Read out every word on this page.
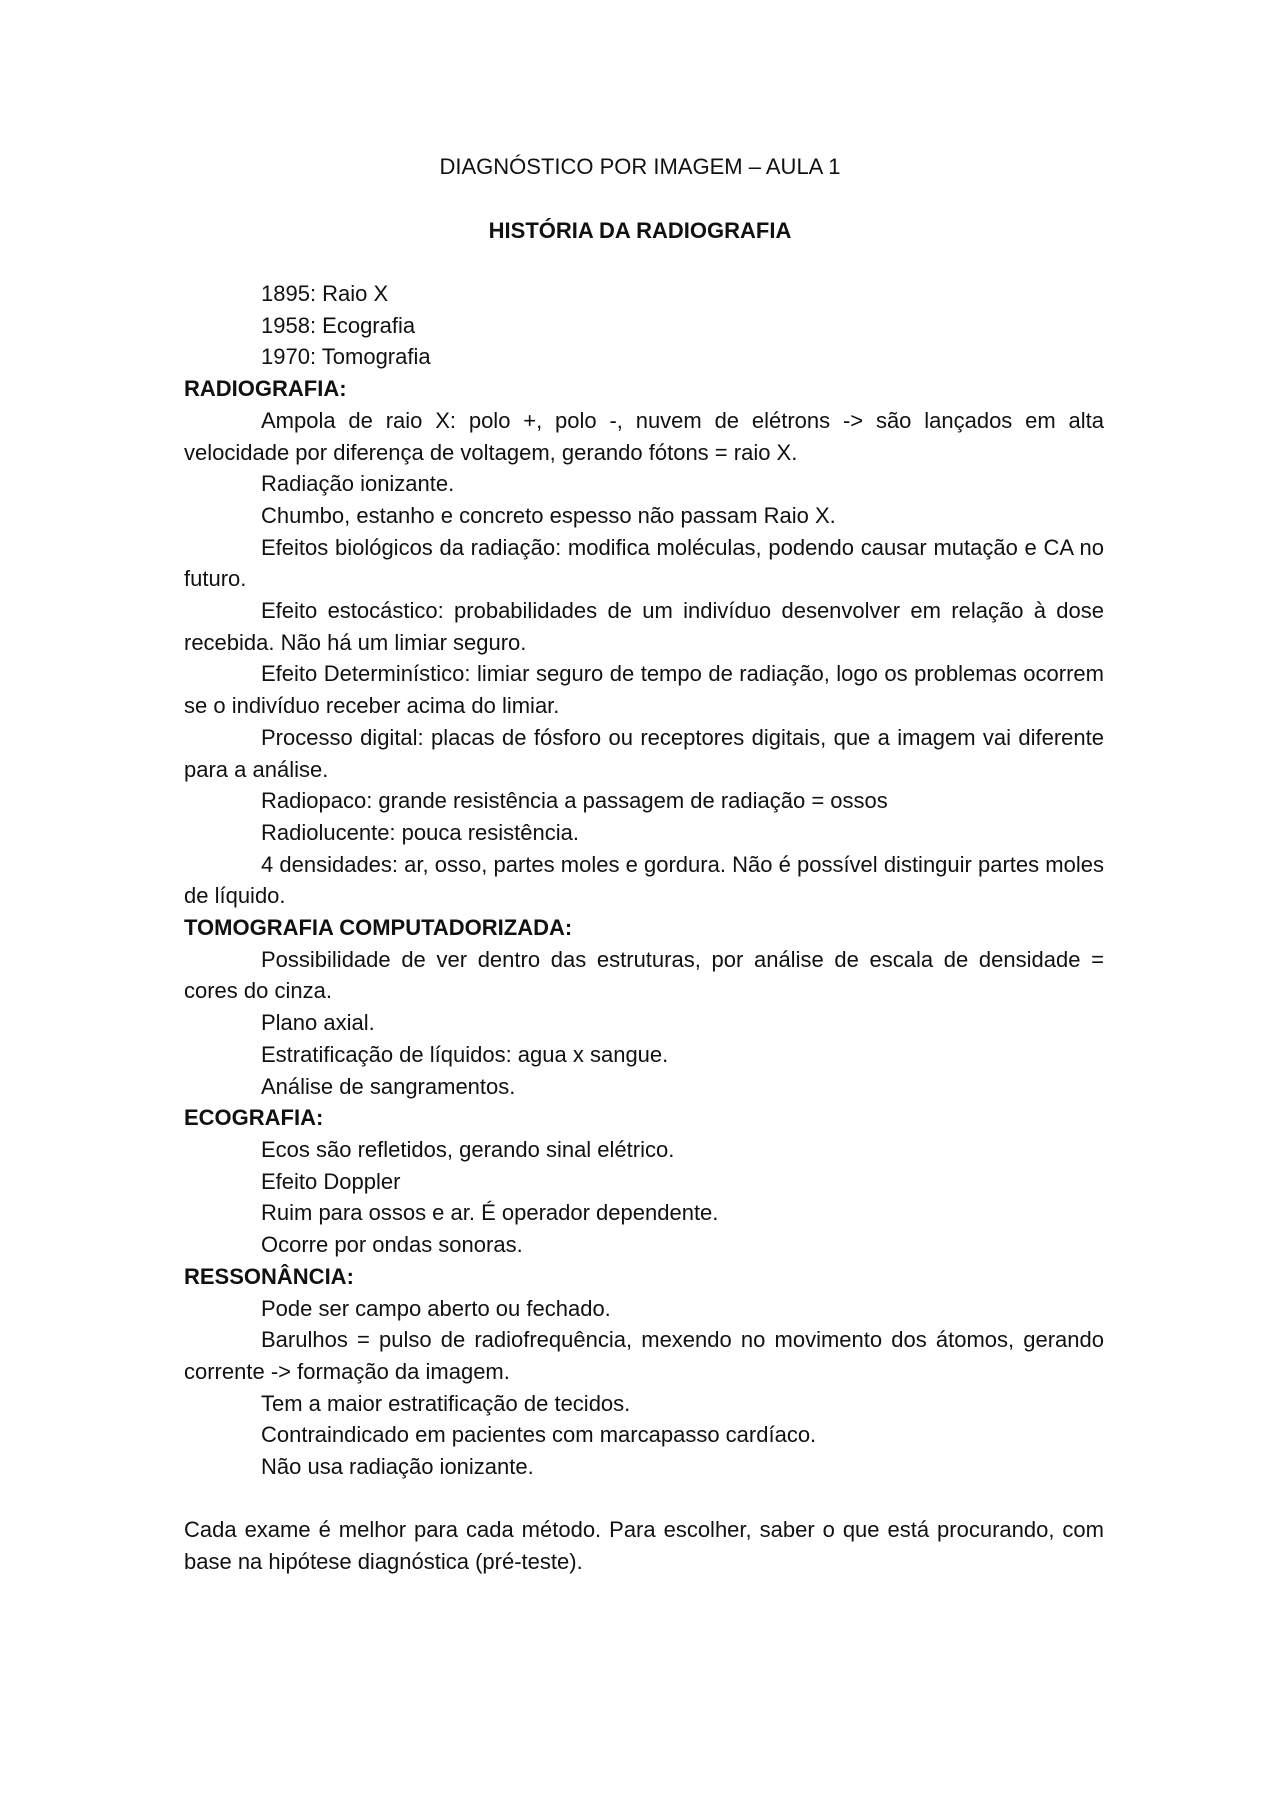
DIAGNÓSTICO POR IMAGEM – AULA 1
HISTÓRIA DA RADIOGRAFIA
1895: Raio X
1958: Ecografia
1970: Tomografia
RADIOGRAFIA:

Ampola de raio X: polo +, polo -, nuvem de elétrons -> são lançados em alta velocidade por diferença de voltagem, gerando fótons = raio X.

Radiação ionizante.

Chumbo, estanho e concreto espesso não passam Raio X.

Efeitos biológicos da radiação: modifica moléculas, podendo causar mutação e CA no futuro.

Efeito estocástico: probabilidades de um indivíduo desenvolver em relação à dose recebida. Não há um limiar seguro.

Efeito Determinístico: limiar seguro de tempo de radiação, logo os problemas ocorrem se o indivíduo receber acima do limiar.

Processo digital: placas de fósforo ou receptores digitais, que a imagem vai diferente para a análise.

Radiopaco: grande resistência a passagem de radiação = ossos

Radiolucente: pouca resistência.

4 densidades: ar, osso, partes moles e gordura. Não é possível distinguir partes moles de líquido.

TOMOGRAFIA COMPUTADORIZADA:

Possibilidade de ver dentro das estruturas, por análise de escala de densidade = cores do cinza.

Plano axial.

Estratificação de líquidos: agua x sangue.

Análise de sangramentos.

ECOGRAFIA:

Ecos são refletidos, gerando sinal elétrico.

Efeito Doppler

Ruim para ossos e ar. É operador dependente.

Ocorre por ondas sonoras.

RESSONÂNCIA:

Pode ser campo aberto ou fechado.

Barulhos = pulso de radiofrequência, mexendo no movimento dos átomos, gerando corrente -> formação da imagem.

Tem a maior estratificação de tecidos.

Contraindicado em pacientes com marcapasso cardíaco.

Não usa radiação ionizante.

Cada exame é melhor para cada método. Para escolher, saber o que está procurando, com base na hipótese diagnóstica (pré-teste).
